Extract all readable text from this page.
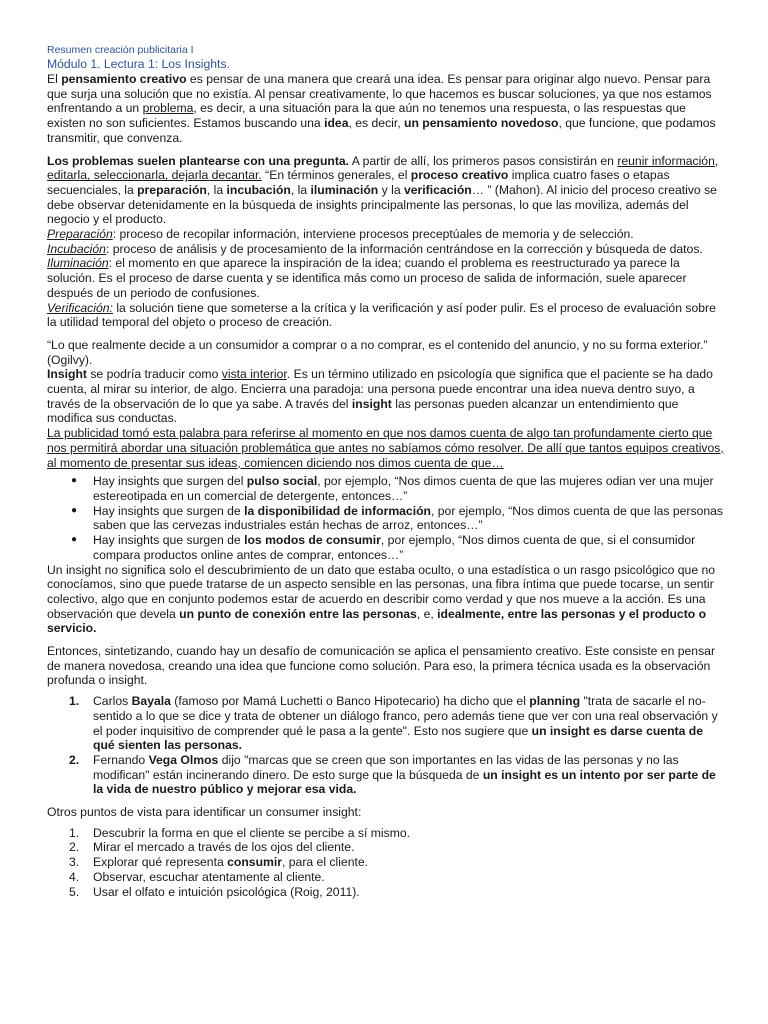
Resumen creación publicitaria I
Módulo 1. Lectura 1: Los Insights.

El pensamiento creativo es pensar de una manera que creará una idea. Es pensar para originar algo nuevo. Pensar para que surja una solución que no existía. Al pensar creativamente, lo que hacemos es buscar soluciones, ya que nos estamos enfrentando a un problema, es decir, a una situación para la que aún no tenemos una respuesta, o las respuestas que existen no son suficientes. Estamos buscando una idea, es decir, un pensamiento novedoso, que funcione, que podamos transmitir, que convenza.

Los problemas suelen plantearse con una pregunta. A partir de allí, los primeros pasos consistirán en reunir información, editarla, seleccionarla, dejarla decantar. “En términos generales, el proceso creativo implica cuatro fases o etapas secuenciales, la preparación, la incubación, la iluminación y la verificación… ” (Mahon). Al inicio del proceso creativo se debe observar detenidamente en la búsqueda de insights principalmente las personas, lo que las moviliza, además del negocio y el producto.

Preparación: proceso de recopilar información, interviene procesos preceptúales de memoria y de selección.

Incubación: proceso de análisis y de procesamiento de la información centrándose en la corrección y búsqueda de datos.

Iluminación: el momento en que aparece la inspiración de la idea; cuando el problema es reestructurado ya parece la solución. Es el proceso de darse cuenta y se identifica más como un proceso de salida de información, suele aparecer después de un periodo de confusiones.

Verificación: la solución tiene que someterse a la crítica y la verificación y así poder pulir. Es el proceso de evaluación sobre la utilidad temporal del objeto o proceso de creación.

“Lo que realmente decide a un consumidor a comprar o a no comprar, es el contenido del anuncio, y no su forma exterior.” (Ogilvy).

Insight se podría traducir como vista interior. Es un término utilizado en psicología que significa que el paciente se ha dado cuenta, al mirar su interior, de algo. Encierra una paradoja: una persona puede encontrar una idea nueva dentro suyo, a través de la observación de lo que ya sabe. A través del insight las personas pueden alcanzar un entendimiento que modifica sus conductas.

La publicidad tomó esta palabra para referirse al momento en que nos damos cuenta de algo tan profundamente cierto que nos permitirá abordar una situación problemática que antes no sabíamos cómo resolver. De allí que tantos equipos creativos, al momento de presentar sus ideas, comiencen diciendo nos dimos cuenta de que…

● Hay insights que surgen del pulso social, por ejemplo, “Nos dimos cuenta de que las mujeres odian ver una mujer estereotipada en un comercial de detergente, entonces…”
● Hay insights que surgen de la disponibilidad de información, por ejemplo, “Nos dimos cuenta de que las personas saben que las cervezas industriales están hechas de arroz, entonces…”
● Hay insights que surgen de los modos de consumir, por ejemplo, “Nos dimos cuenta de que, si el consumidor compara productos online antes de comprar, entonces…”

Un insight no significa solo el descubrimiento de un dato que estaba oculto, o una estadística o un rasgo psicológico que no conocíamos, sino que puede tratarse de un aspecto sensible en las personas, una fibra íntima que puede tocarse, un sentir colectivo, algo que en conjunto podemos estar de acuerdo en describir como verdad y que nos mueve a la acción. Es una observación que devela un punto de conexión entre las personas, e, idealmente, entre las personas y el producto o servicio.

Entonces, sintetizando, cuando hay un desafío de comunicación se aplica el pensamiento creativo. Este consiste en pensar de manera novedosa, creando una idea que funcione como solución. Para eso, la primera técnica usada es la observación profunda o insight.

1. Carlos Bayala (famoso por Mamá Luchetti o Banco Hipotecario) ha dicho que el planning "trata de sacarle el no-sentido a lo que se dice y trata de obtener un diálogo franco, pero además tiene que ver con una real observación y el poder inquisitivo de comprender qué le pasa a la gente". Esto nos sugiere que un insight es darse cuenta de qué sienten las personas.
2. Fernando Vega Olmos dijo "marcas que se creen que son importantes en las vidas de las personas y no las modifican" están incinerando dinero. De esto surge que la búsqueda de un insight es un intento por ser parte de la vida de nuestro público y mejorar esa vida.

Otros puntos de vista para identificar un consumer insight:

1. Descubrir la forma en que el cliente se percibe a sí mismo.
2. Mirar el mercado a través de los ojos del cliente.
3. Explorar qué representa consumir, para el cliente.
4. Observar, escuchar atentamente al cliente.
5. Usar el olfato e intuición psicológica (Roig, 2011).
